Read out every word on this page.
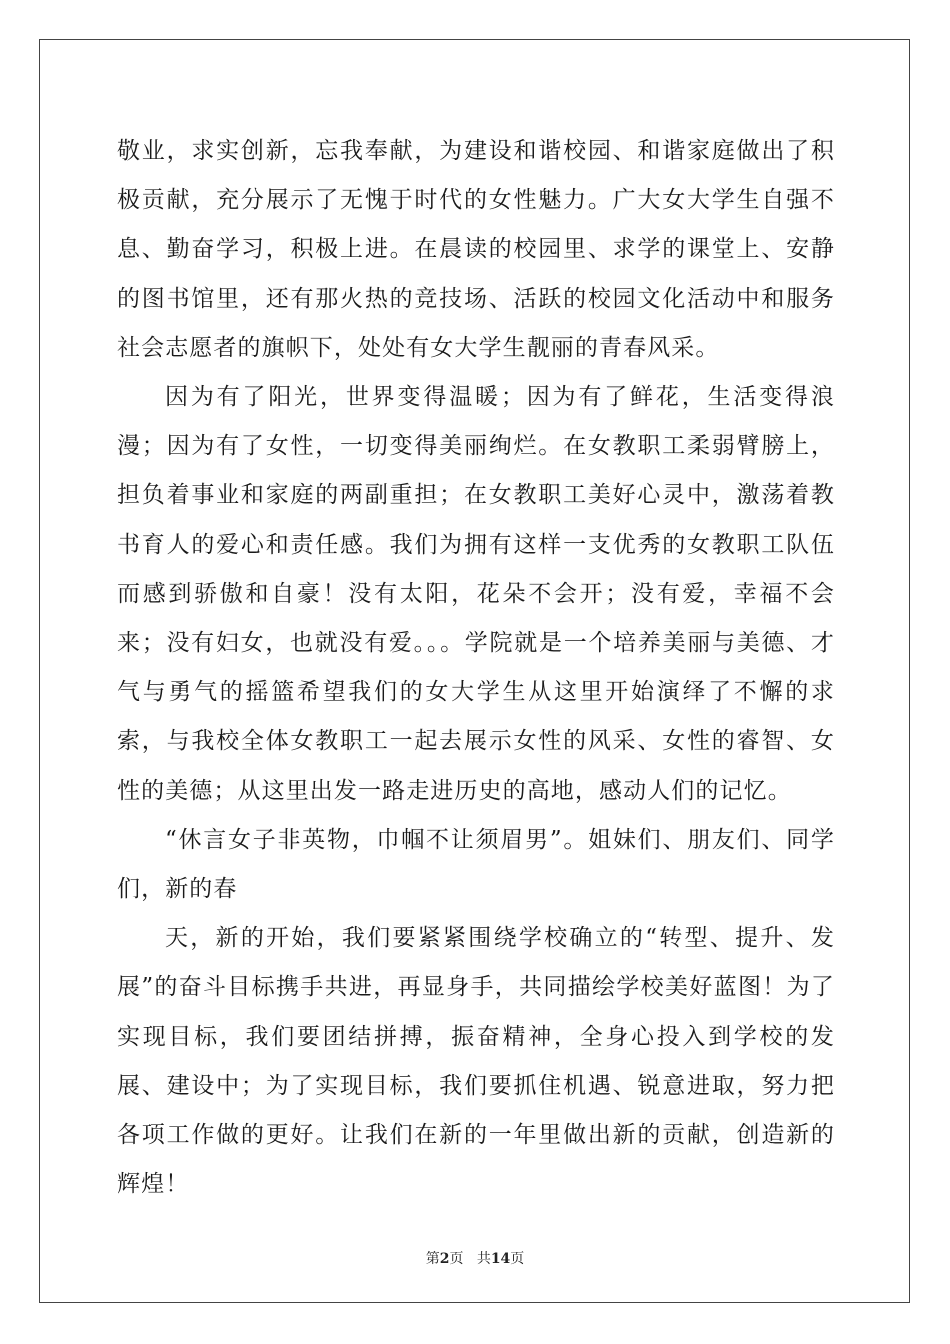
敬业，求实创新，忘我奉献，为建设和谐校园、和谐家庭做出了积极贡献，充分展示了无愧于时代的女性魅力。广大女大学生自强不息、勤奋学习，积极上进。在晨读的校园里、求学的课堂上、安静的图书馆里，还有那火热的竞技场、活跃的校园文化活动中和服务社会志愿者的旗帜下，处处有女大学生靓丽的青春风采。

因为有了阳光，世界变得温暖；因为有了鲜花，生活变得浪漫；因为有了女性，一切变得美丽绚烂。在女教职工柔弱臂膀上，担负着事业和家庭的两副重担；在女教职工美好心灵中，激荡着教书育人的爱心和责任感。我们为拥有这样一支优秀的女教职工队伍而感到骄傲和自豪！没有太阳，花朵不会开；没有爱，幸福不会来；没有妇女，也就没有爱。。。学院就是一个培养美丽与美德、才气与勇气的摇篮希望我们的女大学生从这里开始演绎了不懈的求索，与我校全体女教职工一起去展示女性的风采、女性的睿智、女性的美德；从这里出发一路走进历史的高地，感动人们的记忆。

“休言女子非英物，巾帼不让须眉男”。姐妹们、朋友们、同学们，新的春

天，新的开始，我们要紧紧围绕学校确立的“转型、提升、发展”的奋斗目标携手共进，再显身手，共同描绘学校美好蓝图！为了实现目标，我们要团结拼搏，振奋精神，全身心投入到学校的发展、建设中；为了实现目标，我们要抓住机遇、锐意进取，努力把各项工作做的更好。让我们在新的一年里做出新的贡献，创造新的辉煌！

第2页 共14页
